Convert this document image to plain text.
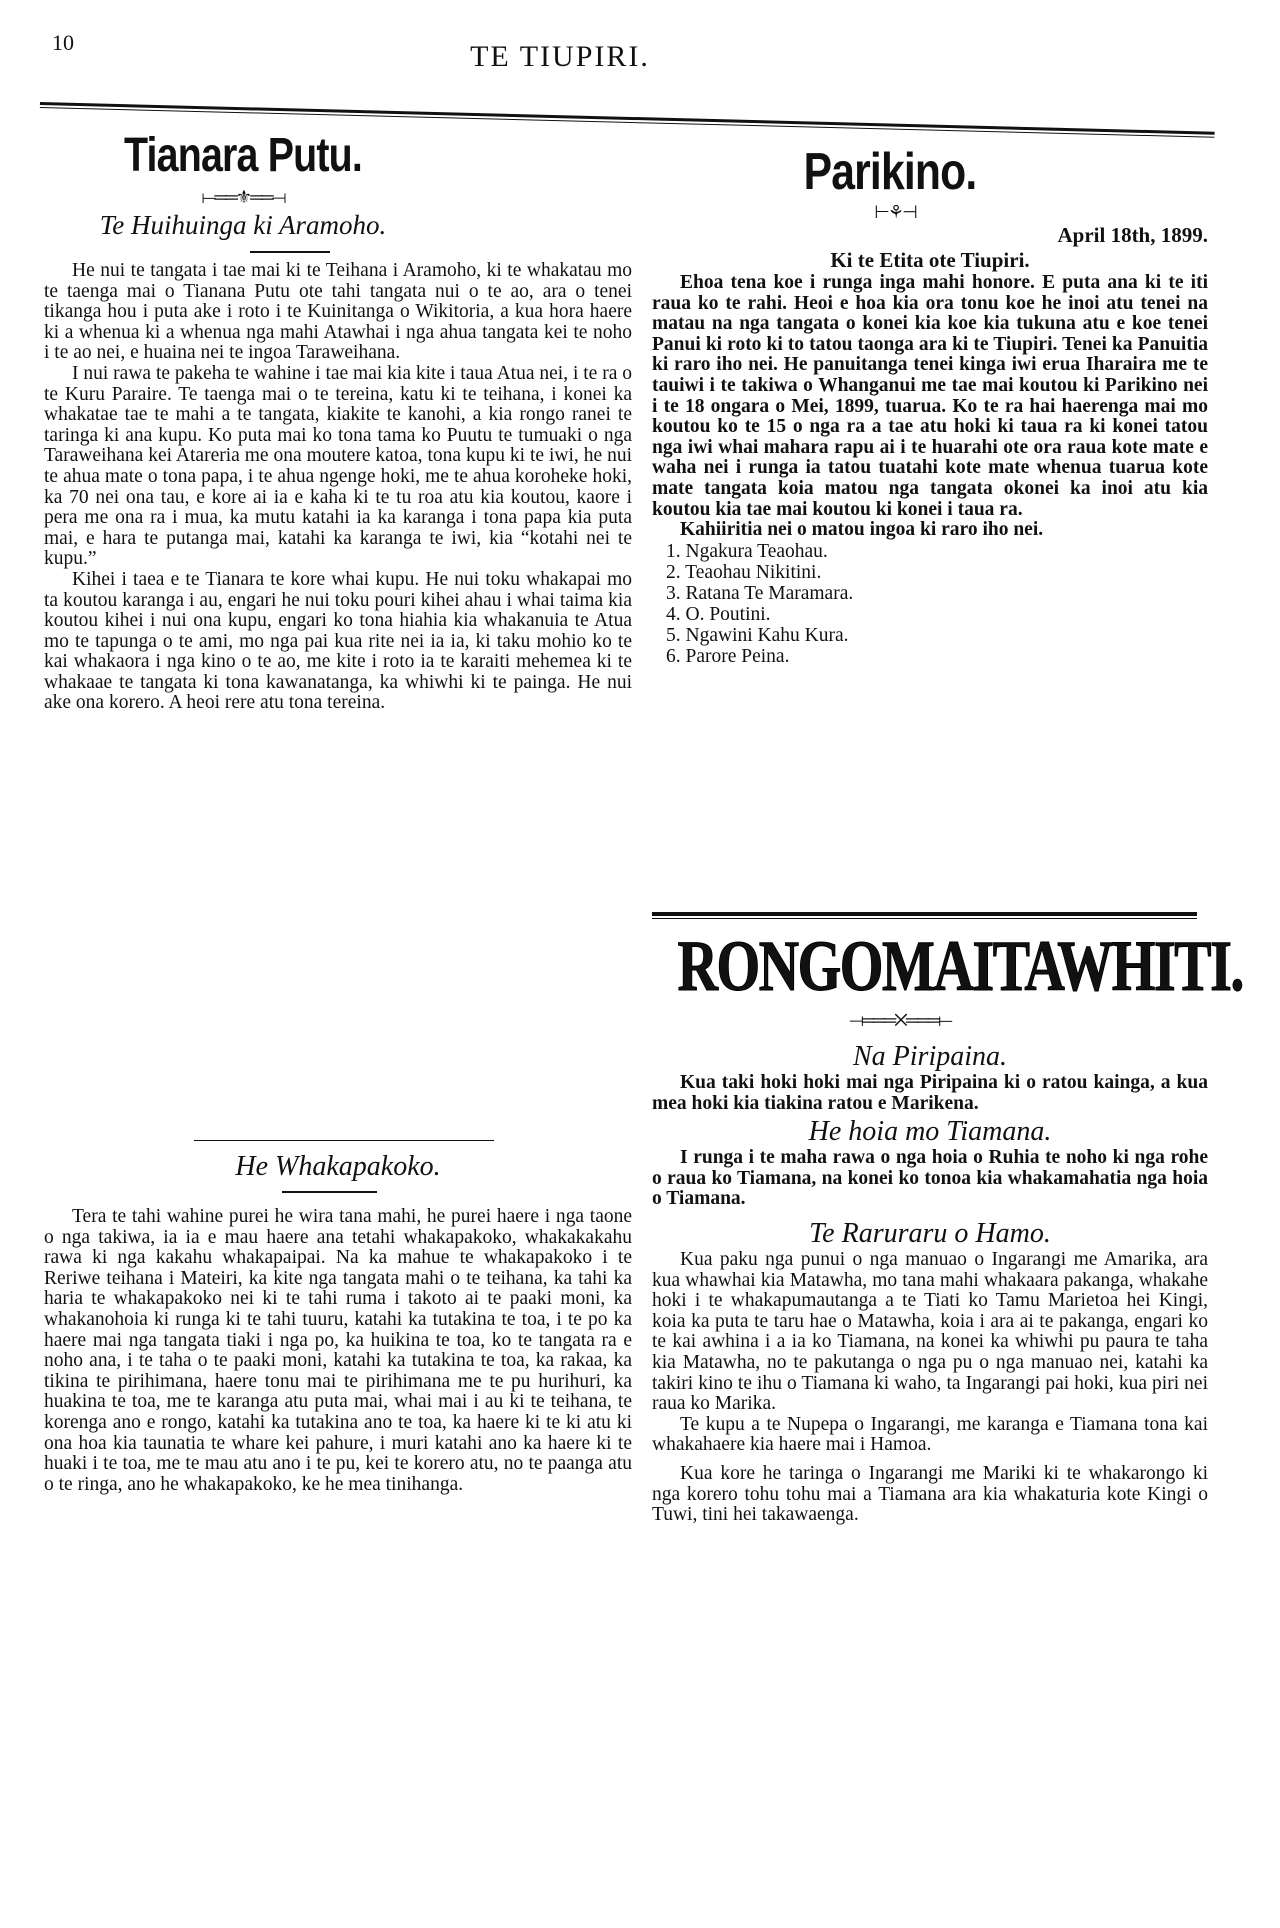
10	TE TIUPIRI.
Tianara Putu.
⟝══⚜══⟞
Te Huihuinga ki Aramoho.

He nui te tangata i tae mai ki te Teihana i Aramoho, ki te whakatau mo te taenga mai o Tianana Putu ote tahi tangata nui o te ao, ara o tenei tikanga hou i puta ake i roto i te Kuinitanga o Wikitoria, a kua hora haere ki a whenua ki a whenua nga mahi Atawhai i nga ahua tangata kei te noho i te ao nei, e huaina nei te ingoa Taraweihana.

I nui rawa te pakeha te wahine i tae mai kia kite i taua Atua nei, i te ra o te Kuru Paraire. Te taenga mai o te tereina, katu ki te teihana, i konei ka whakatae tae te mahi a te tangata, kiakite te kanohi, a kia rongo ranei te taringa ki ana kupu. Ko puta mai ko tona tama ko Puutu te tumuaki o nga Taraweihana kei Atareria me ona moutere katoa, tona kupu ki te iwi, he nui te ahua mate o tona papa, i te ahua ngenge hoki, me te ahua koroheke hoki, ka 70 nei ona tau, e kore ai ia e kaha ki te tu roa atu kia koutou, kaore i pera me ona ra i mua, ka mutu katahi ia ka karanga i tona papa kia puta mai, e hara te putanga mai, katahi ka karanga te iwi, kia “kotahi nei te kupu.”

Kihei i taea e te Tianara te kore whai kupu. He nui toku whakapai mo ta koutou karanga i au, engari he nui toku pouri kihei ahau i whai taima kia koutou kihei i nui ona kupu, engari ko tona hiahia kia whakanuia te Atua mo te tapunga o te ami, mo nga pai kua rite nei ia ia, ki taku mohio ko te kai whakaora i nga kino o te ao, me kite i roto ia te karaiti mehemea ki te whakaae te tangata ki tona kawanatanga, ka whiwhi ki te painga. He nui ake ona korero. A heoi rere atu tona tereina.

He Whakapakoko.

Tera te tahi wahine purei he wira tana mahi, he purei haere i nga taone o nga takiwa, ia ia e mau haere ana tetahi whakapakoko, whakakakahu rawa ki nga kakahu whakapaipai. Na ka mahue te whakapakoko i te Reriwe teihana i Mateiri, ka kite nga tangata mahi o te teihana, ka tahi ka haria te whakapakoko nei ki te tahi ruma i takoto ai te paaki moni, ka whakanohoia ki runga ki te tahi tuuru, katahi ka tutakina te toa, i te po ka haere mai nga tangata tiaki i nga po, ka huikina te toa, ko te tangata ra e noho ana, i te taha o te paaki moni, katahi ka tutakina te toa, ka rakaa, ka tikina te pirihimana, haere tonu mai te pirihimana me te pu hurihuri, ka huakina te toa, me te karanga atu puta mai, whai mai i au ki te teihana, te korenga ano e rongo, katahi ka tutakina ano te toa, ka haere ki te ki atu ki ona hoa kia taunatia te whare kei pahure, i muri katahi ano ka haere ki te huaki i te toa, me te mau atu ano i te pu, kei te korero atu, no te paanga atu o te ringa, ano he whakapakoko, ke he mea tinihanga.

Parikino.
⊢⚘⊣
April 18th, 1899.
Ki te Etita ote Tiupiri.

Ehoa tena koe i runga inga mahi honore. E puta ana ki te iti raua ko te rahi. Heoi e hoa kia ora tonu koe he inoi atu tenei na matau na nga tangata o konei kia koe kia tukuna atu e koe tenei Panui ki roto ki to tatou taonga ara ki te Tiupiri. Tenei ka Panuitia ki raro iho nei. He panuitanga tenei kinga iwi erua Iharaira me te tauiwi i te takiwa o Whanganui me tae mai koutou ki Parikino nei i te 18 ongara o Mei, 1899, tuarua. Ko te ra hai haerenga mai mo koutou ko te 15 o nga ra a tae atu hoki ki taua ra ki konei tatou nga iwi whai mahara rapu ai i te huarahi ote ora raua kote mate e waha nei i runga ia tatou tuatahi kote mate whenua tuarua kote mate tangata koia matou nga tangata okonei ka inoi atu kia koutou kia tae mai koutou ki konei i taua ra.

Kahiiritia nei o matou ingoa ki raro iho nei.

1. Ngakura Teaohau.
2. Teaohau Nikitini.
3. Ratana Te Maramara.
4. O. Poutini.
5. Ngawini Kahu Kura.
6. Parore Peina.
RONGOMAITAWHITI.
⟞═══✕═══⟝
Na Piripaina.

Kua taki hoki hoki mai nga Piripaina ki o ratou kainga, a kua mea hoki kia tiakina ratou e Marikena.

He hoia mo Tiamana.

I runga i te maha rawa o nga hoia o Ruhia te noho ki nga rohe o raua ko Tiamana, na konei ko tonoa kia whakamahatia nga hoia o Tiamana.

Te Raruraru o Hamo.

Kua paku nga punui o nga manuao o Ingarangi me Amarika, ara kua whawhai kia Matawha, mo tana mahi whakaara pakanga, whakahe hoki i te whakapumautanga a te Tiati ko Tamu Marietoa hei Kingi, koia ka puta te taru hae o Matawha, koia i ara ai te pakanga, engari ko te kai awhina i a ia ko Tiamana, na konei ka whiwhi pu paura te taha kia Matawha, no te pakutanga o nga pu o nga manuao nei, katahi ka takiri kino te ihu o Tiamana ki waho, ta Ingarangi pai hoki, kua piri nei raua ko Marika.

Te kupu a te Nupepa o Ingarangi, me karanga e Tiamana tona kai whakahaere kia haere mai i Hamoa.

Kua kore he taringa o Ingarangi me Mariki ki te whakarongo ki nga korero tohu tohu mai a Tiamana ara kia whakaturia kote Kingi o Tuwi, tini hei takawaenga.
